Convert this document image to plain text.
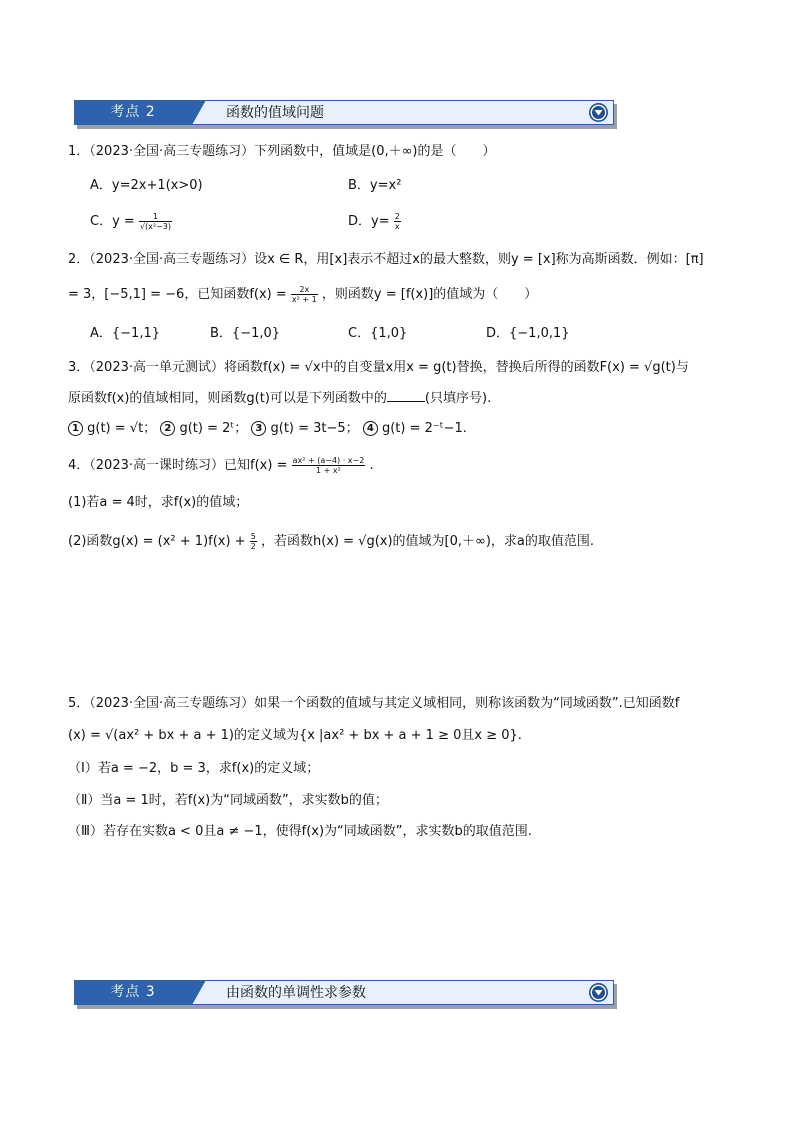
考点 2	函数的值域问题
1．（2023·全国·高三专题练习）下列函数中，值域是(0,＋∞)的是（　　）
A．y=2x+1(x>0)	B．y=x²
C．$y = \frac{1}{\text{√(x²−3)}}$	D．$y= \frac{2}{x}$
2．（2023·全国·高三专题练习）设x ∈ R，用[x]表示不超过x的最大整数，则y = [x]称为高斯函数．例如：[π]
= 3，[−5,1] = −6，已知函数$f(x) = \frac{2x}{\text{x² + 1}}$ ，则函数y = [f(x)]的值域为（　　）
A．{−1,1}	B．{−1,0}	C．{1,0}	D．{−1,0,1}
3．（2023·高一单元测试）将函数f(x) = √x中的自变量x用x = g(t)替换，替换后所得的函数F(x) = √g(t)与
原函数f(x)的值域相同，则函数g(t)可以是下列函数中的	(只填序号).
1 g(t) = √t； 2 g(t) = 2ᵗ； 3 g(t) = 3t−5； 4 g(t) = 2⁻ᵗ−1.
4．（2023·高一课时练习）已知$f(x) = \frac{\text{ax² + (a−4) · x−2}}{\text{1 + x²}}$ .
(1)若a = 4时，求f(x)的值域；
(2)函数$g(x) = (x^2 + 1)f(x) + \frac{5}{2}$ ，若函数h(x) = √g(x)的值域为[0,＋∞)，求a的取值范围.
5．（2023·全国·高三专题练习）如果一个函数的值域与其定义域相同，则称该函数为“同域函数”.已知函数f
(x) = √(ax² + bx + a + 1)的定义域为{x |ax² + bx + a + 1 ≥ 0且x ≥ 0}.
（Ⅰ）若a = −2，b = 3，求f(x)的定义域；
（Ⅱ）当a = 1时，若f(x)为“同域函数”，求实数b的值；
（Ⅲ）若存在实数a < 0且a ≠ −1，使得f(x)为“同域函数”，求实数b的取值范围.
考点 3	由函数的单调性求参数
